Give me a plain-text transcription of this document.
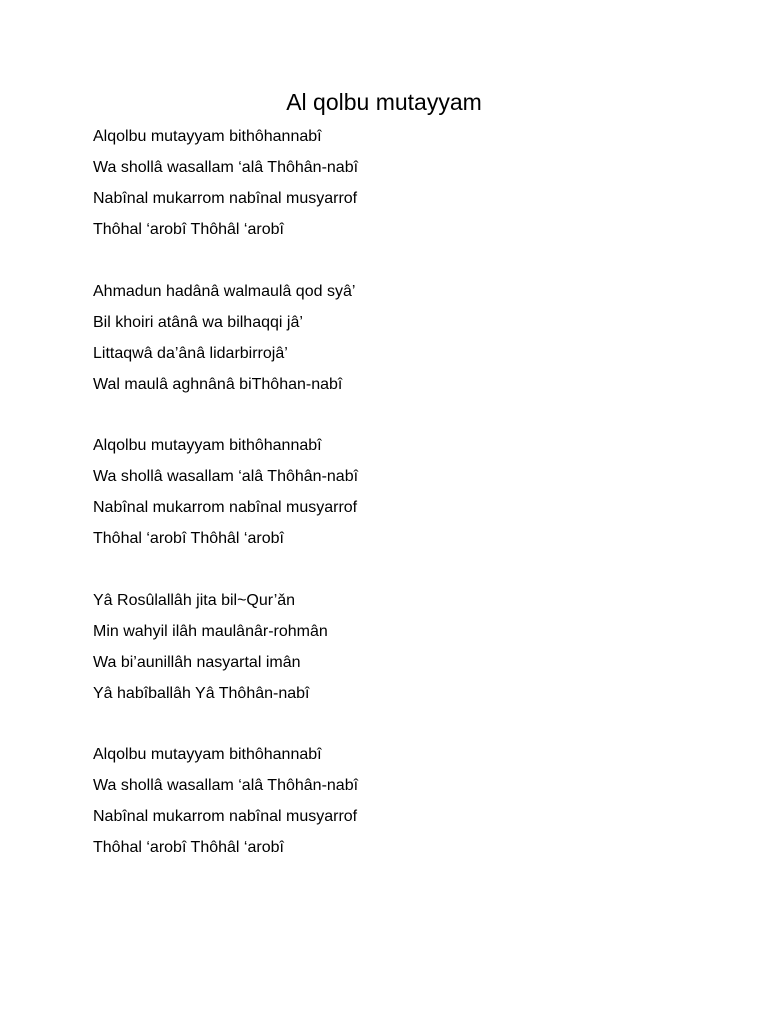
Al qolbu mutayyam
Alqolbu mutayyam bithôhannabî
Wa shollâ wasallam ‘alâ Thôhân-nabî
Nabînal mukarrom nabînal musyarrof
Thôhal ‘arobî Thôhâl ‘arobî
Ahmadun hadânâ walmaulâ qod syâ’
Bil khoiri atânâ wa bilhaqqi jâ’
Littaqwâ da’ânâ lidarbirrojâ’
Wal maulâ aghnânâ biThôhan-nabî
Alqolbu mutayyam bithôhannabî
Wa shollâ wasallam ‘alâ Thôhân-nabî
Nabînal mukarrom nabînal musyarrof
Thôhal ‘arobî Thôhâl ‘arobî
Yâ Rosûlallâh jita bil~Qur’ǎn
Min wahyil ilâh maulânâr-rohmân
Wa bi’aunillâh nasyartal imân
Yâ habîballâh Yâ Thôhân-nabî
Alqolbu mutayyam bithôhannabî
Wa shollâ wasallam ‘alâ Thôhân-nabî
Nabînal mukarrom nabînal musyarrof
Thôhal ‘arobî Thôhâl ‘arobî
